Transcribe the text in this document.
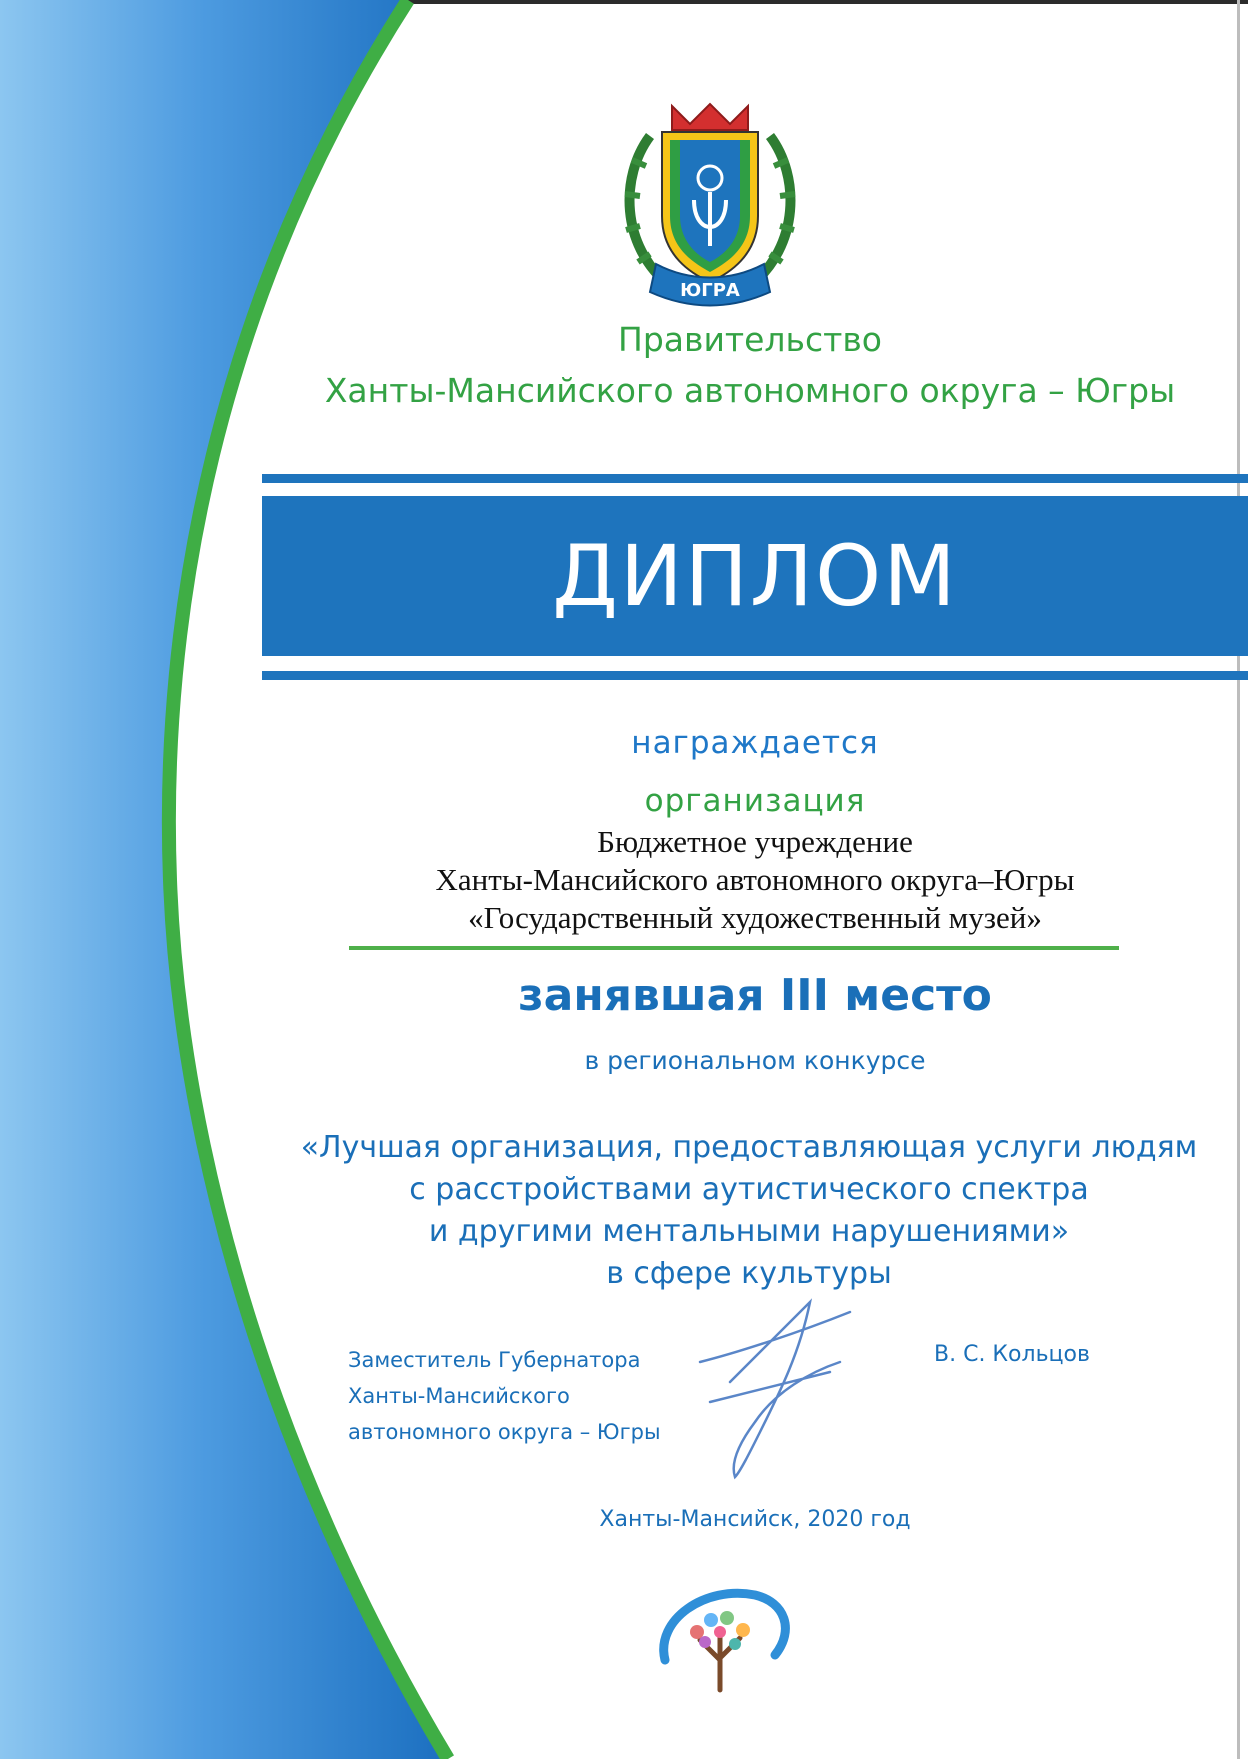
ЮГРА
Правительство
Ханты-Мансийского автономного округа – Югры
ДИПЛОМ
награждается
организация
Бюджетное учреждение
Ханты-Мансийского автономного округа–Югры
«Государственный художественный музей»
занявшая III место
в региональном конкурсе
«Лучшая организация, предоставляющая услуги людям
с расстройствами аутистического спектра
и другими ментальными нарушениями»
в сфере культуры
Заместитель Губернатора
Ханты-Мансийского
автономного округа – Югры
В. С. Кольцов
Ханты-Мансийск, 2020 год
